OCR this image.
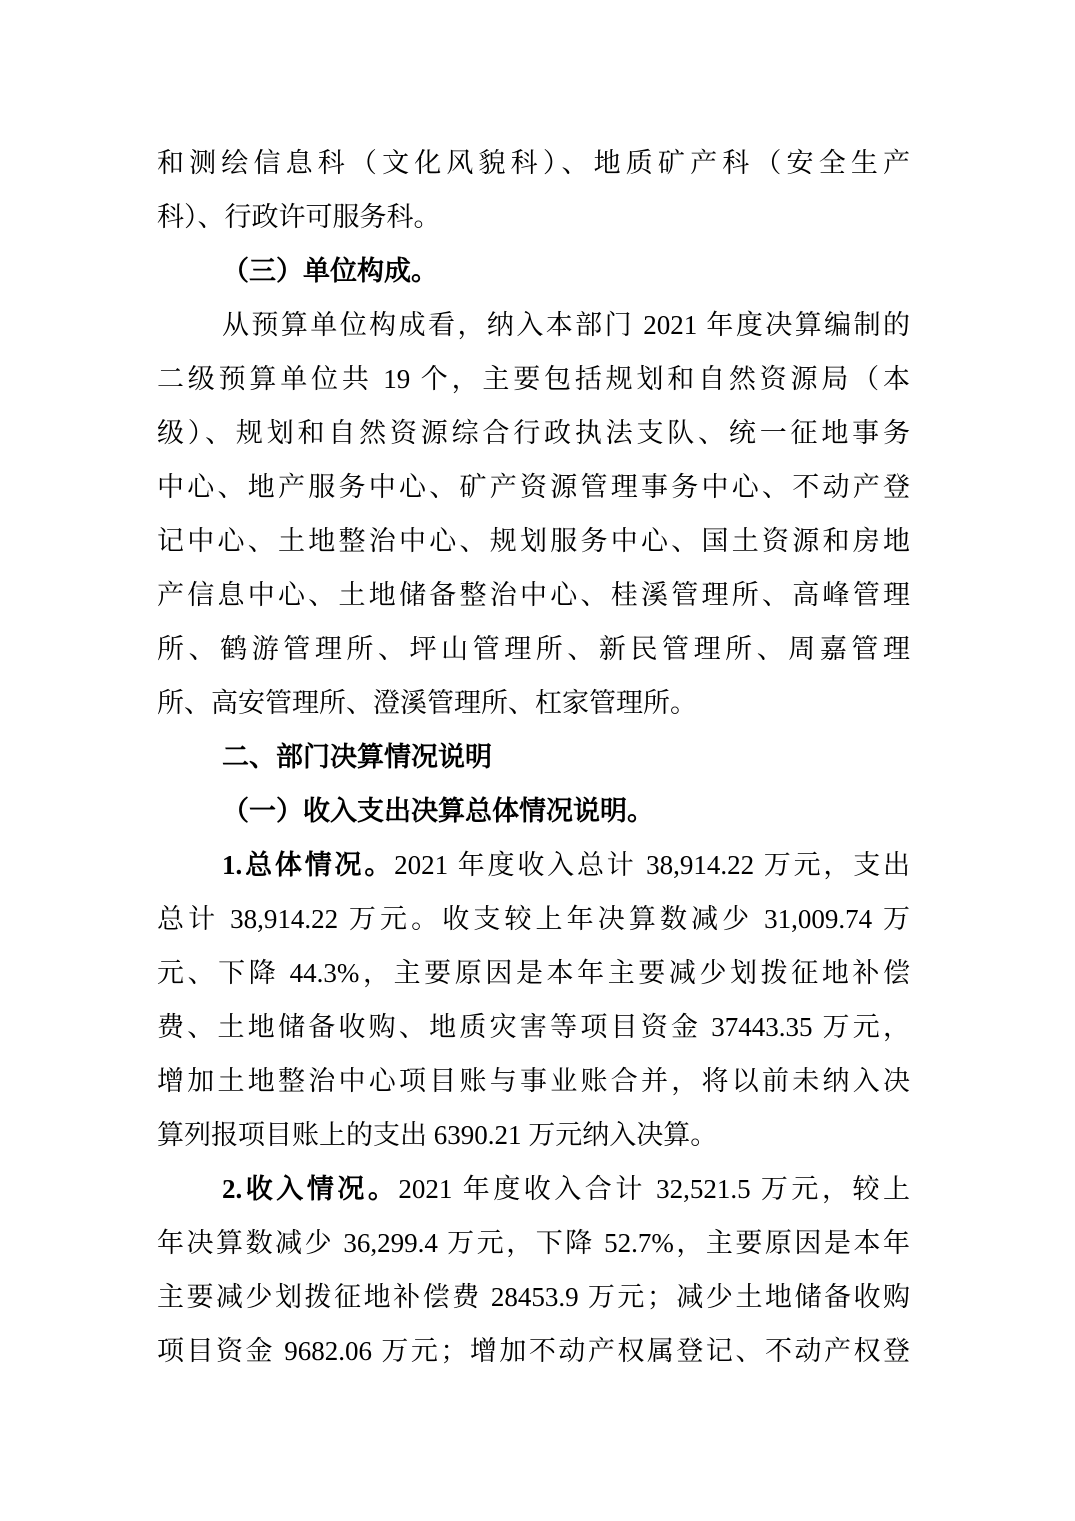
和测绘信息科（文化风貌科）、地质矿产科（安全生产
科）、行政许可服务科。
（三）单位构成。
从预算单位构成看，纳入本部门 2021 年度决算编制的
二级预算单位共 19 个，主要包括规划和自然资源局（本
级）、规划和自然资源综合行政执法支队、统一征地事务
中心、地产服务中心、矿产资源管理事务中心、不动产登
记中心、土地整治中心、规划服务中心、国土资源和房地
产信息中心、土地储备整治中心、桂溪管理所、高峰管理
所、鹤游管理所、坪山管理所、新民管理所、周嘉管理
所、高安管理所、澄溪管理所、杠家管理所。
二、部门决算情况说明
（一）收入支出决算总体情况说明。
1.总体情况。2021 年度收入总计 38,914.22 万元，支出
总计 38,914.22 万元。收支较上年决算数减少 31,009.74 万
元、下降 44.3%，主要原因是本年主要减少划拨征地补偿
费、土地储备收购、地质灾害等项目资金 37443.35 万元，
增加土地整治中心项目账与事业账合并，将以前未纳入决
算列报项目账上的支出 6390.21 万元纳入决算。
2.收入情况。2021 年度收入合计 32,521.5 万元，较上
年决算数减少 36,299.4 万元，下降 52.7%，主要原因是本年
主要减少划拨征地补偿费 28453.9 万元；减少土地储备收购
项目资金 9682.06 万元；增加不动产权属登记、不动产权登
